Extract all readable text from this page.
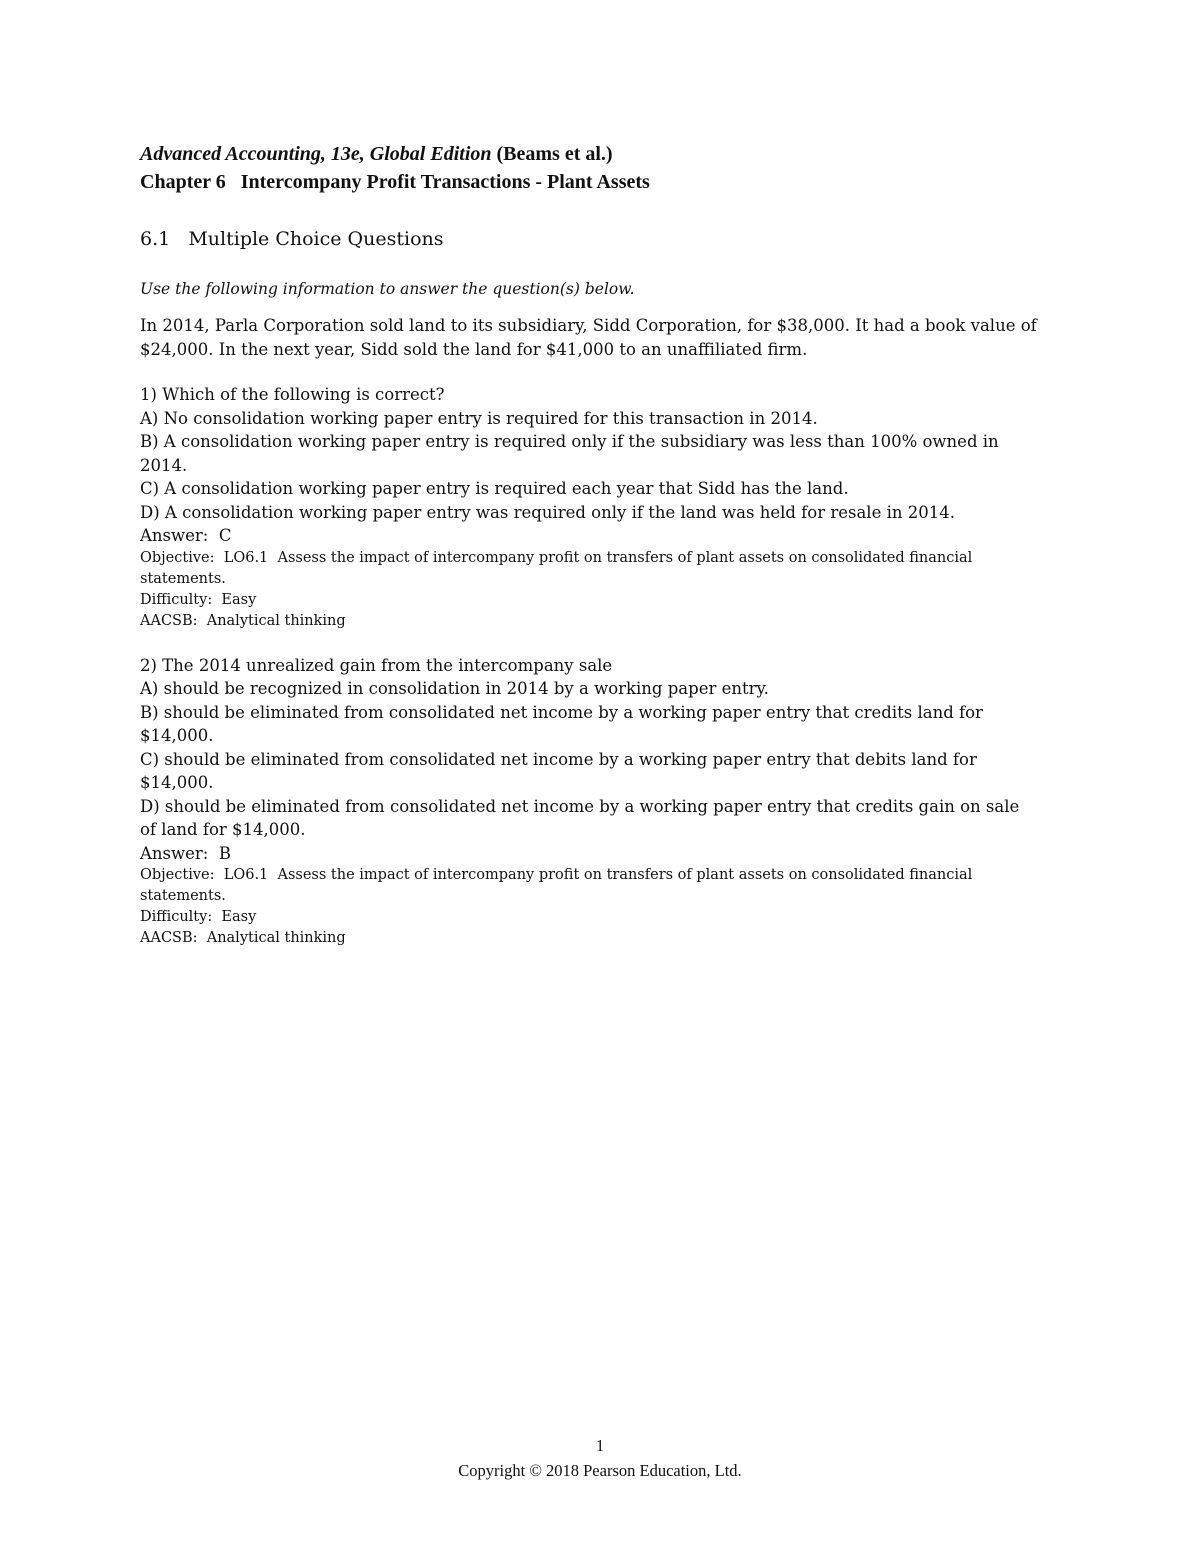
Advanced Accounting, 13e, Global Edition (Beams et al.)

Chapter 6   Intercompany Profit Transactions - Plant Assets

6.1   Multiple Choice Questions

Use the following information to answer the question(s) below.

In 2014, Parla Corporation sold land to its subsidiary, Sidd Corporation, for $38,000. It had a book value of
$24,000. In the next year, Sidd sold the land for $41,000 to an unaffiliated firm.

1) Which of the following is correct?

A) No consolidation working paper entry is required for this transaction in 2014.

B) A consolidation working paper entry is required only if the subsidiary was less than 100% owned in

2014.

C) A consolidation working paper entry is required each year that Sidd has the land.

D) A consolidation working paper entry was required only if the land was held for resale in 2014.

Answer:  C

Objective:  LO6.1  Assess the impact of intercompany profit on transfers of plant assets on consolidated financial

statements.

Difficulty:  Easy

AACSB:  Analytical thinking

2) The 2014 unrealized gain from the intercompany sale

A) should be recognized in consolidation in 2014 by a working paper entry.

B) should be eliminated from consolidated net income by a working paper entry that credits land for

$14,000.

C) should be eliminated from consolidated net income by a working paper entry that debits land for

$14,000.

D) should be eliminated from consolidated net income by a working paper entry that credits gain on sale

of land for $14,000.

Answer:  B

Objective:  LO6.1  Assess the impact of intercompany profit on transfers of plant assets on consolidated financial

statements.

Difficulty:  Easy

AACSB:  Analytical thinking

1
Copyright © 2018 Pearson Education, Ltd.
